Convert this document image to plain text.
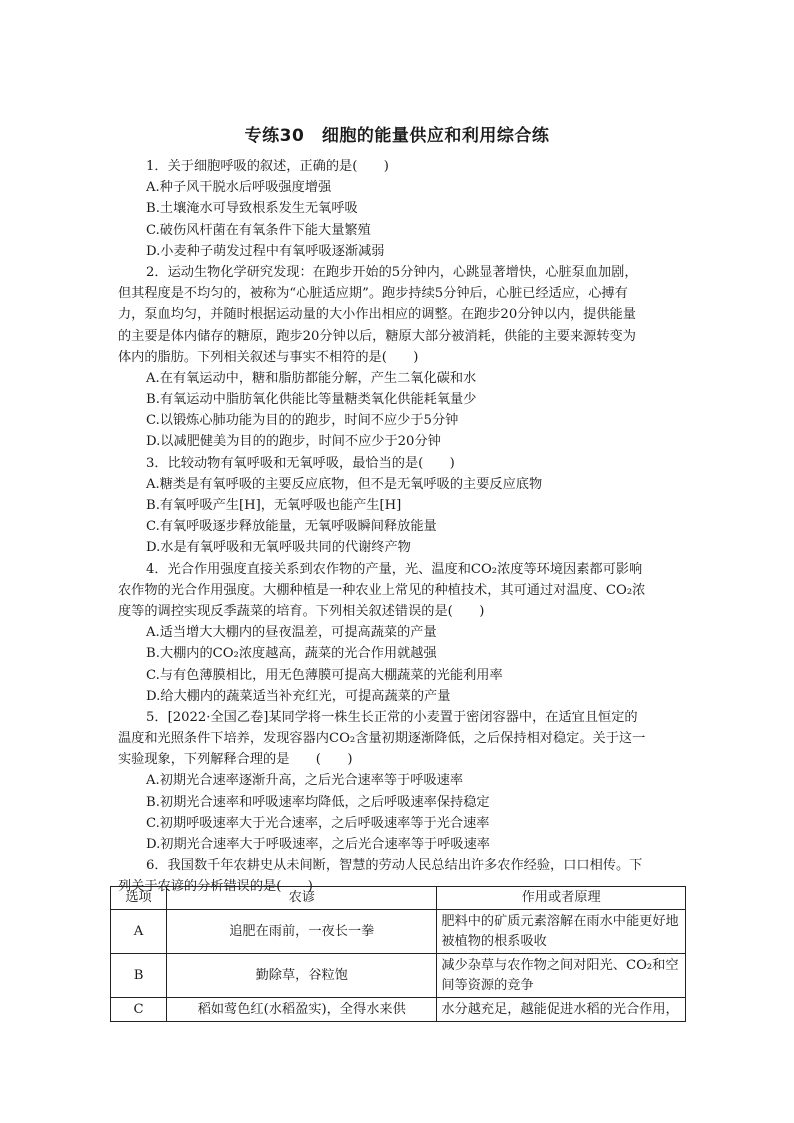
专练30　细胞的能量供应和利用综合练
1．关于细胞呼吸的叙述，正确的是(　　)
A.种子风干脱水后呼吸强度增强
B.土壤淹水可导致根系发生无氧呼吸
C.破伤风杆菌在有氧条件下能大量繁殖
D.小麦种子萌发过程中有氧呼吸逐渐减弱
2．运动生物化学研究发现：在跑步开始的5分钟内，心跳显著增快，心脏泵血加剧，
但其程度是不均匀的，被称为“心脏适应期”。跑步持续5分钟后，心脏已经适应，心搏有
力，泵血均匀，并随时根据运动量的大小作出相应的调整。在跑步20分钟以内，提供能量
的主要是体内储存的糖原，跑步20分钟以后，糖原大部分被消耗，供能的主要来源转变为
体内的脂肪。下列相关叙述与事实不相符的是(　　)
A.在有氧运动中，糖和脂肪都能分解，产生二氧化碳和水
B.有氧运动中脂肪氧化供能比等量糖类氧化供能耗氧量少
C.以锻炼心肺功能为目的的跑步，时间不应少于5分钟
D.以减肥健美为目的的跑步，时间不应少于20分钟
3．比较动物有氧呼吸和无氧呼吸，最恰当的是(　　)
A.糖类是有氧呼吸的主要反应底物，但不是无氧呼吸的主要反应底物
B.有氧呼吸产生[H]，无氧呼吸也能产生[H]
C.有氧呼吸逐步释放能量，无氧呼吸瞬间释放能量
D.水是有氧呼吸和无氧呼吸共同的代谢终产物
4．光合作用强度直接关系到农作物的产量，光、温度和CO₂浓度等环境因素都可影响
农作物的光合作用强度。大棚种植是一种农业上常见的种植技术，其可通过对温度、CO₂浓
度等的调控实现反季蔬菜的培育。下列相关叙述错误的是(　　)
A.适当增大大棚内的昼夜温差，可提高蔬菜的产量
B.大棚内的CO₂浓度越高，蔬菜的光合作用就越强
C.与有色薄膜相比，用无色薄膜可提高大棚蔬菜的光能利用率
D.给大棚内的蔬菜适当补充红光，可提高蔬菜的产量
5．[2022·全国乙卷]某同学将一株生长正常的小麦置于密闭容器中，在适宜且恒定的
温度和光照条件下培养，发现容器内CO₂含量初期逐渐降低，之后保持相对稳定。关于这一
实验现象，下列解释合理的是　　(　　)
A.初期光合速率逐渐升高，之后光合速率等于呼吸速率
B.初期光合速率和呼吸速率均降低，之后呼吸速率保持稳定
C.初期呼吸速率大于光合速率，之后呼吸速率等于光合速率
D.初期光合速率大于呼吸速率，之后光合速率等于呼吸速率
6．我国数千年农耕史从未间断，智慧的劳动人民总结出许多农作经验，口口相传。下
列关于农谚的分析错误的是(　　)
选项	农谚	作用或者原理
A	追肥在雨前，一夜长一拳	肥料中的矿质元素溶解在雨水中能更好地被植物的根系吸收
B	勤除草，谷粒饱	减少杂草与农作物之间对阳光、CO₂和空间等资源的竞争
C	稻如莺色红(水稻盈实)，全得水来供	水分越充足，越能促进水稻的光合作用，
